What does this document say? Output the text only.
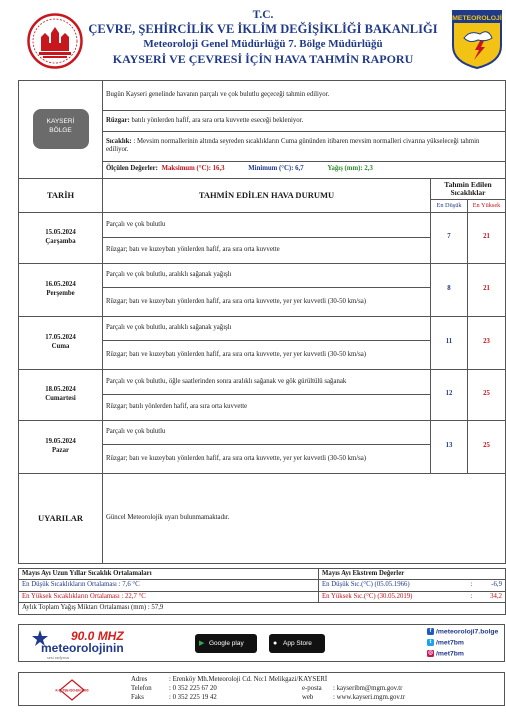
T.C.
ÇEVRE, ŞEHİRCİLİK VE İKLİM DEĞİŞİKLİĞİ BAKANLIĞI
Meteoroloji Genel Müdürlüğü 7. Bölge Müdürlüğü
KAYSERİ VE ÇEVRESİ İÇİN HAVA TAHMİN RAPORU
METEOROLOJİ
KAYSERİ
BÖLGE	Bugün Kayseri genelinde havanın parçalı ve çok bulutlu geçeceği tahmin ediliyor.		
	Rüzgar: batılı yönlerden hafif, ara sıra orta kuvvette eseceği bekleniyor.		
	Sıcaklık: : Mevsim normallerinin altında seyreden sıcaklıkların Cuma gününden itibaren mevsim normalleri civarına yükseleceği tahmin ediliyor.		
	Ölçülen Değerler: Maksimum (°C): 16,3 Minimum (°C): 6,7 Yağış (mm): 2,3		
TARİH	TAHMİN EDİLEN HAVA DURUMU	Tahmin Edilen Sıcaklıklar	
		En Düşük	En Yüksek

15.05.2024
Çarşamba	Parçalı ve çok bulutlu	7	21
	Rüzgar; batı ve kuzeybatı yönlerden hafif, ara sıra orta kuvvette		

16.05.2024
Perşembe	Parçalı ve çok bulutlu, aralıklı sağanak yağışlı	8	21
	Rüzgar; batı ve kuzeybatı yönlerden hafif, ara sıra orta kuvvette, yer yer kuvvetli (30-50 km/sa)		

17.05.2024
Cuma	Parçalı ve çok bulutlu, aralıklı sağanak yağışlı	11	23
	Rüzgar; batı ve kuzeybatı yönlerden hafif, ara sıra orta kuvvette, yer yer kuvvetli (30-50 km/sa)		

18.05.2024
Cumartesi	Parçalı ve çok bulutlu, öğle saatlerinden sonra aralıklı sağanak ve gök gürültülü sağanak	12	25
	Rüzgar; batılı yönlerden hafif, ara sıra orta kuvvette		

19.05.2024
Pazar	Parçalı ve çok bulutlu	13	25
	Rüzgar; batı ve kuzeybatı yönlerden hafif, ara sıra orta kuvvette, yer yer kuvvetli (30-50 km/sa)		
UYARILAR	Güncel Meteorolojik uyarı bulunmamaktadır.		
Mayıs Ayı Uzun Yıllar Sıcaklık Ortalamaları	Mayıs Ayı Ekstrem Değerler		
En Düşük Sıcaklıkların Ortalaması : 7,6 °C	En Düşük Sıc.(°C) (05.05.1966)	:	-6,9
En Yüksek Sıcaklıkların Ortalaması : 22,7 °C	En Yüksek Sıc.(°C) (30.05.2019)	:	34,2
Aylık Toplam Yağış Miktarı Ortalaması (mm) : 57,9			
90.0 MHZ
meteorolojinin
sesi radyosu
▶ Google play	● App Store
f /meteoroloji7.bolge
t /met7bm
◎ /met7bm
K-Q TSE-ISO-EN 9000
Adres	: Erenköy Mh.Meteoroloji Cd. No:1 Melikgazi/KAYSERİ
Telefon	: 0 352 225 67 20
Faks	: 0 352 225 19 42
e-posta : kayseribm@mgm.gov.tr
web	: www.kayseri.mgm.gov.tr
